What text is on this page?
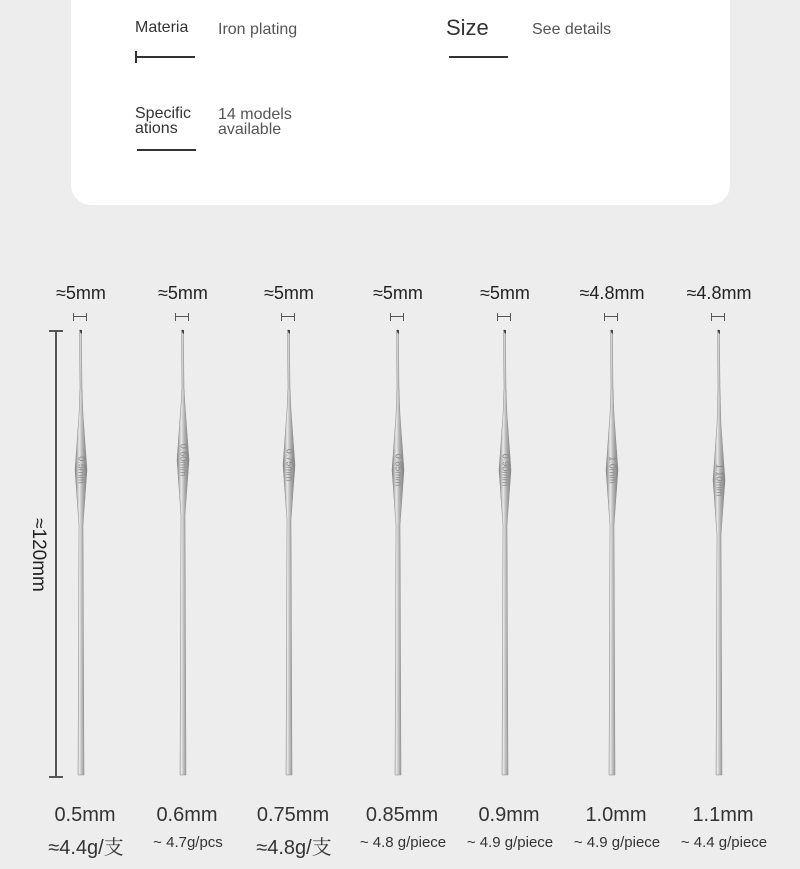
Materia Iron plating	Size	See details
Specific
ations
14 models
available
≈120mm
≈5mm
0.5mm
0.5mm
≈4.4g/支
≈5mm
0.60mm
0.6mm
~ 4.7g/pcs
≈5mm
0.75mm
0.75mm
≈4.8g/支
≈5mm
0.85mm
0.85mm
~ 4.8 g/piece
≈5mm
0.90mm
0.9mm
~ 4.9 g/piece
≈4.8mm
1.0mm
1.0mm
~ 4.9 g/piece
≈4.8mm
1.10mm
1.1mm
~ 4.4 g/piece
